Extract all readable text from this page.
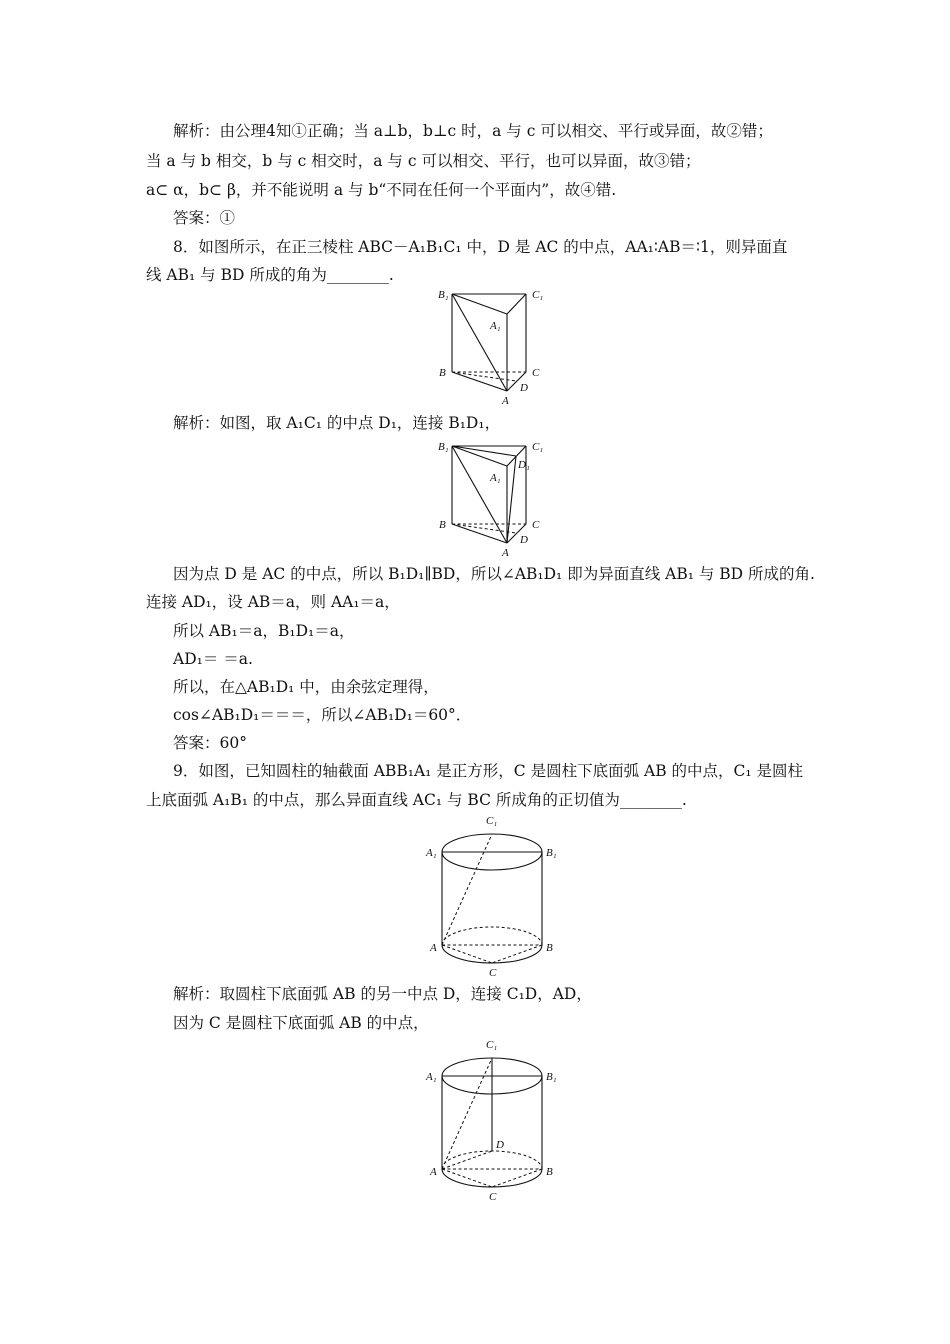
解析：由公理4知①正确；当 a⊥b，b⊥c 时，a 与 c 可以相交、平行或异面，故②错；
当 a 与 b 相交，b 与 c 相交时，a 与 c 可以相交、平行，也可以异面，故③错；
a⊂ α，b⊂ β，并不能说明 a 与 b“不同在任何一个平面内”，故④错.
答案：①
8．如图所示，在正三棱柱 ABC－A₁B₁C₁ 中，D 是 AC 的中点，AA₁∶AB＝∶1，则异面直
线 AB₁ 与 BD 所成的角为________.
B₁	C₁
A₁
B	C
D
A
解析：如图，取 A₁C₁ 的中点 D₁，连接 B₁D₁，
B₁	C₁
D₁
A₁
B	C
D
A
因为点 D 是 AC 的中点，所以 B₁D₁∥BD，所以∠AB₁D₁ 即为异面直线 AB₁ 与 BD 所成的角.
连接 AD₁，设 AB＝a，则 AA₁＝a，
所以 AB₁＝a，B₁D₁＝a，
AD₁＝ ＝a.
所以，在△AB₁D₁ 中，由余弦定理得，
cos∠AB₁D₁＝＝＝，所以∠AB₁D₁＝60°．
答案：60°
9．如图，已知圆柱的轴截面 ABB₁A₁ 是正方形，C 是圆柱下底面弧 AB 的中点，C₁ 是圆柱
上底面弧 A₁B₁ 的中点，那么异面直线 AC₁ 与 BC 所成角的正切值为________.
C₁
A₁	B₁
A	B
C
解析：取圆柱下底面弧 AB 的另一中点 D，连接 C₁D，AD，
因为 C 是圆柱下底面弧 AB 的中点，
C₁
A₁	B₁
D
A	B
C
